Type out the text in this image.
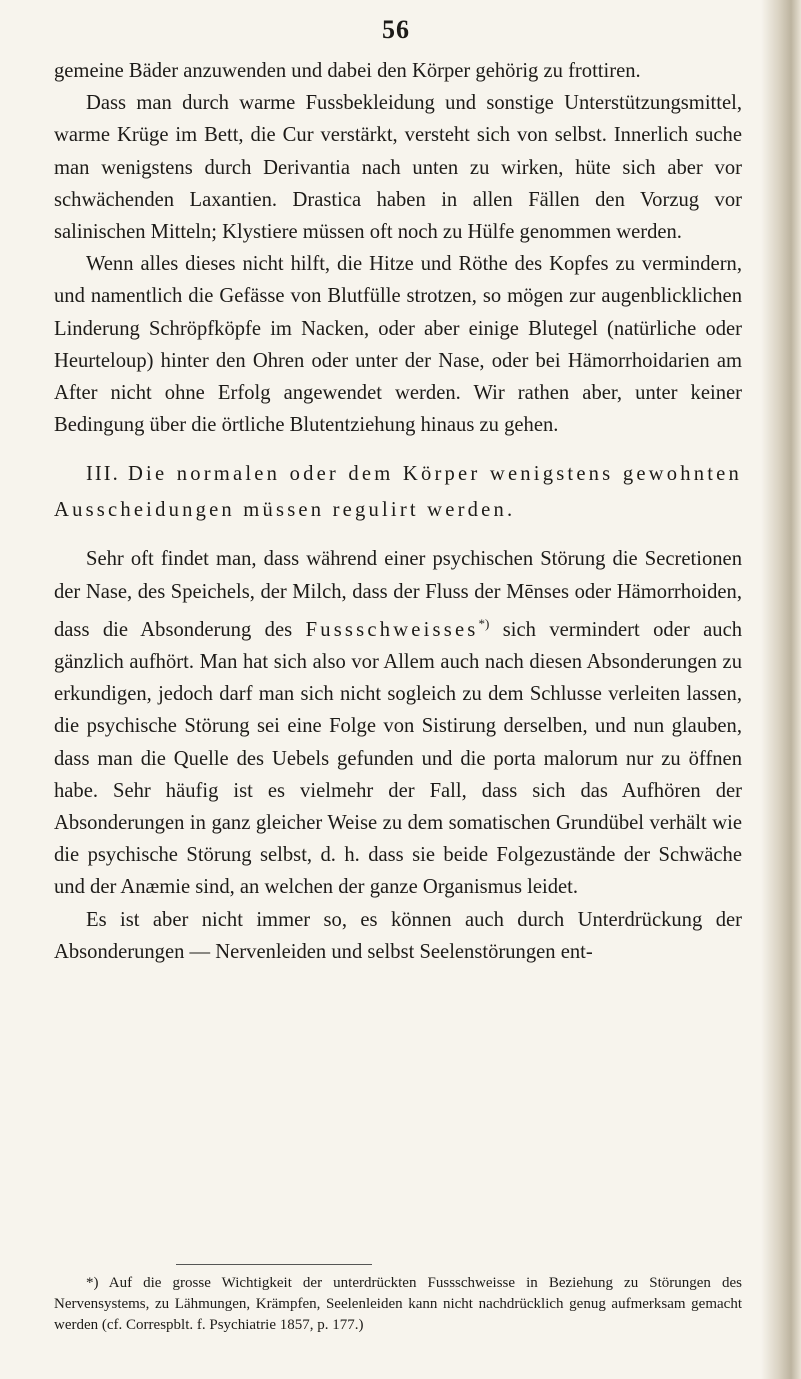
56

gemeine Bäder anzuwenden und dabei den Körper gehörig zu frottiren.

Dass man durch warme Fussbekleidung und sonstige Unterstützungsmittel, warme Krüge im Bett, die Cur verstärkt, versteht sich von selbst. Innerlich suche man wenigstens durch Derivantia nach unten zu wirken, hüte sich aber vor schwächenden Laxantien. Drastica haben in allen Fällen den Vorzug vor salinischen Mitteln; Klystiere müssen oft noch zu Hülfe genommen werden.

Wenn alles dieses nicht hilft, die Hitze und Röthe des Kopfes zu vermindern, und namentlich die Gefässe von Blutfülle strotzen, so mögen zur augenblicklichen Linderung Schröpfköpfe im Nacken, oder aber einige Blutegel (natürliche oder Heurteloup) hinter den Ohren oder unter der Nase, oder bei Hämorrhoidarien am After nicht ohne Erfolg angewendet werden. Wir rathen aber, unter keiner Bedingung über die örtliche Blutentziehung hinaus zu gehen.

III. Die normalen oder dem Körper wenigstens gewohnten Ausscheidungen müssen regulirt werden.

Sehr oft findet man, dass während einer psychischen Störung die Secretionen der Nase, des Speichels, der Milch, dass der Fluss der Mēnses oder Hämorrhoiden, dass die Absonderung des Fussschweisses*) sich vermindert oder auch gänzlich aufhört. Man hat sich also vor Allem auch nach diesen Absonderungen zu erkundigen, jedoch darf man sich nicht sogleich zu dem Schlusse verleiten lassen, die psychische Störung sei eine Folge von Sistirung derselben, und nun glauben, dass man die Quelle des Uebels gefunden und die porta malorum nur zu öffnen habe. Sehr häufig ist es vielmehr der Fall, dass sich das Aufhören der Absonderungen in ganz gleicher Weise zu dem somatischen Grundübel verhält wie die psychische Störung selbst, d. h. dass sie beide Folgezustände der Schwäche und der Anæmie sind, an welchen der ganze Organismus leidet.

Es ist aber nicht immer so, es können auch durch Unterdrückung der Absonderungen — Nervenleiden und selbst Seelenstörungen ent-

*) Auf die grosse Wichtigkeit der unterdrückten Fussschweisse in Beziehung zu Störungen des Nervensystems, zu Lähmungen, Krämpfen, Seelenleiden kann nicht nachdrücklich genug aufmerksam gemacht werden (cf. Correspblt. f. Psychiatrie 1857, p. 177.)
